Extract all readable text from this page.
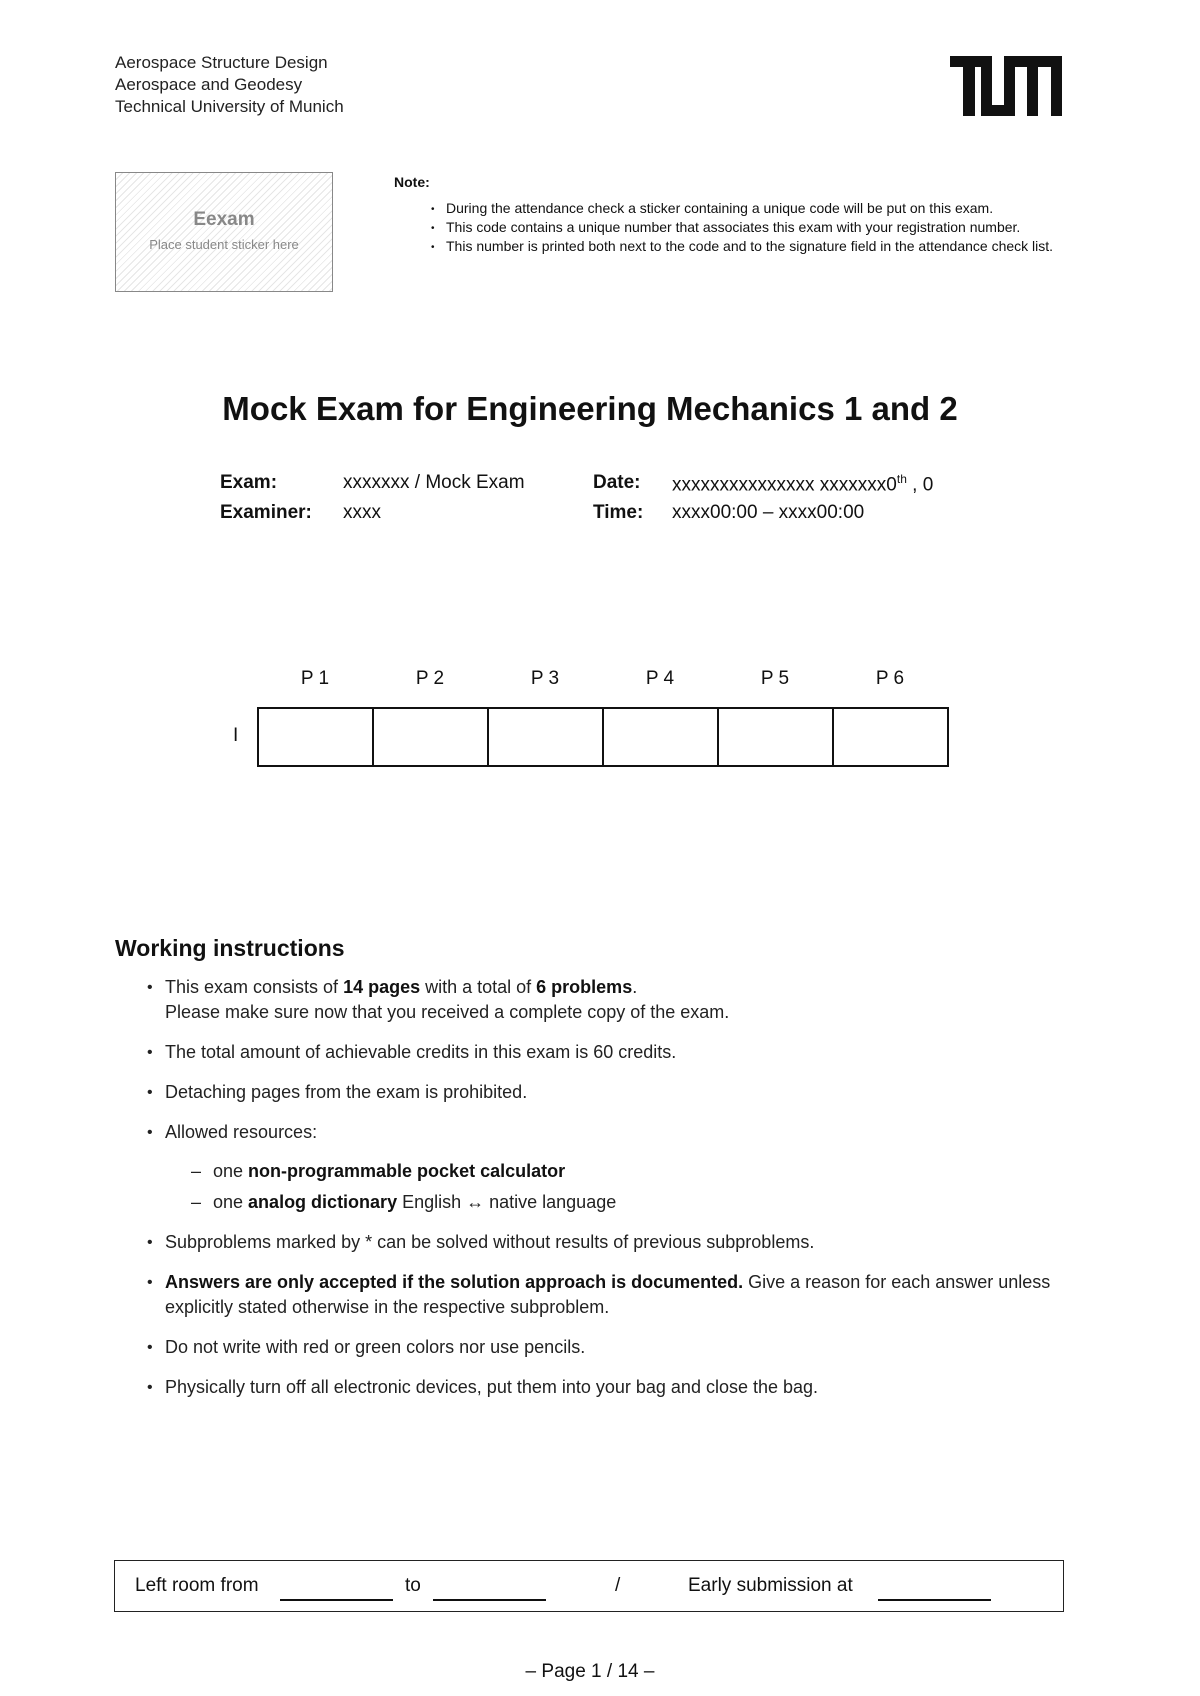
Aerospace Structure Design
Aerospace and Geodesy
Technical University of Munich
Eexam
Place student sticker here
Note:
• During the attendance check a sticker containing a unique code will be put on this exam.
• This code contains a unique number that associates this exam with your registration number.
• This number is printed both next to the code and to the signature field in the attendance check list.
Mock Exam for Engineering Mechanics 1 and 2
Exam:	xxxxxxx / Mock Exam
Examiner: xxxx
Date: xxxxxxxxxxxxxxx xxxxxxx0th , 0
Time: xxxx00:00 – xxxx00:00
P 1	P 2	P 3	P 4	P 5	P 6
I
Working instructions
• This exam consists of 14 pages with a total of 6 problems.
Please make sure now that you received a complete copy of the exam.
• The total amount of achievable credits in this exam is 60 credits.
• Detaching pages from the exam is prohibited.
• Allowed resources:
– one non-programmable pocket calculator
– one analog dictionary English ↔ native language
• Subproblems marked by * can be solved without results of previous subproblems.
• Answers are only accepted if the solution approach is documented. Give a reason for each answer unless explicitly stated otherwise in the respective subproblem.
• Do not write with red or green colors nor use pencils.
• Physically turn off all electronic devices, put them into your bag and close the bag.
Left room from	to	/	Early submission at
– Page 1 / 14 –
